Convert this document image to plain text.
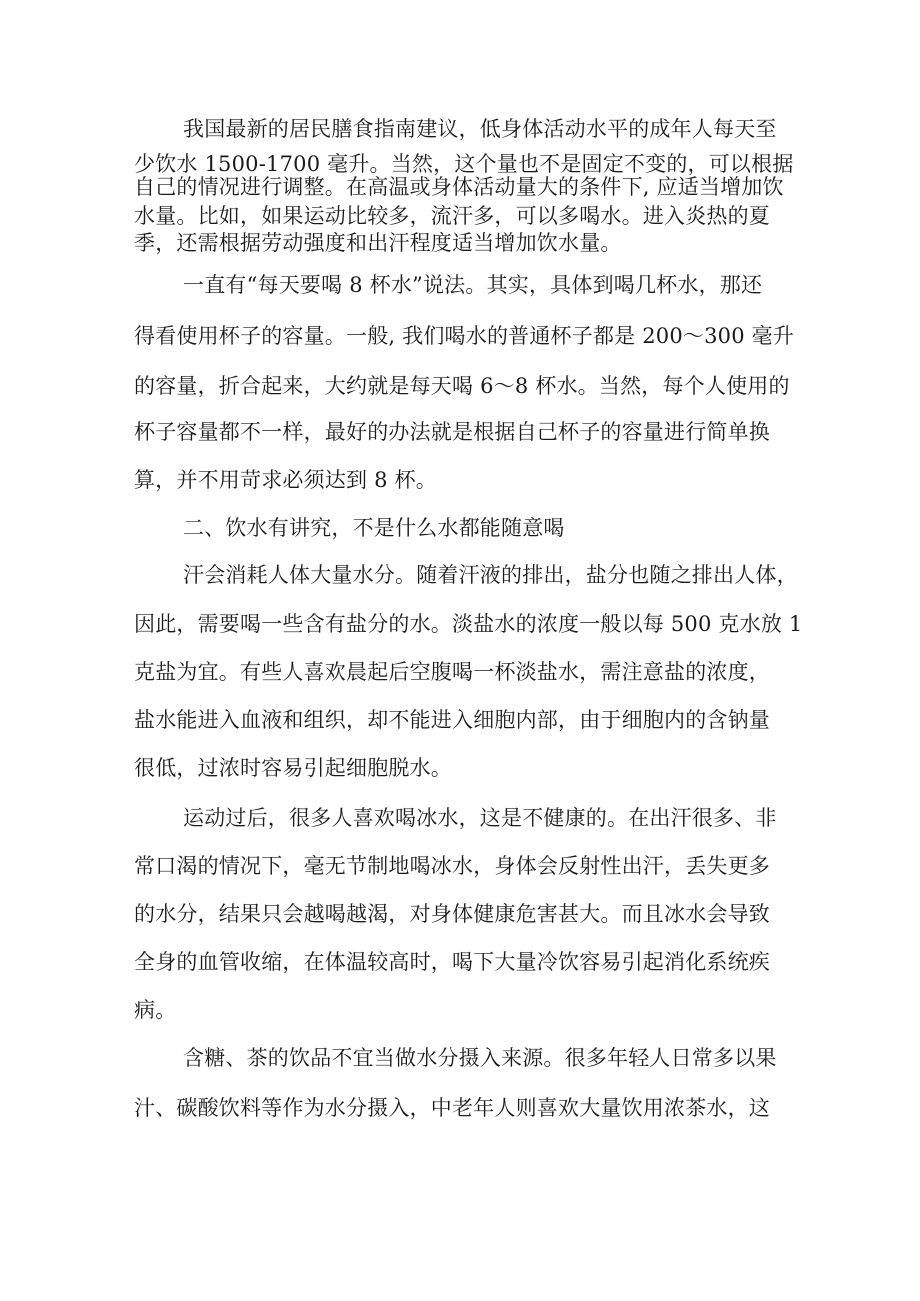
我国最新的居民膳食指南建议，低身体活动水平的成年人每天至
少饮水 1500-1700 毫升。当然，这个量也不是固定不变的，可以根据
自己的情况进行调整。在高温或身体活动量大的条件下, 应适当增加饮
水量。比如，如果运动比较多，流汗多，可以多喝水。进入炎热的夏
季，还需根据劳动强度和出汗程度适当增加饮水量。
一直有“每天要喝 8 杯水”说法。其实，具体到喝几杯水，那还
得看使用杯子的容量。一般, 我们喝水的普通杯子都是 200～300 毫升
的容量，折合起来，大约就是每天喝 6～8 杯水。当然，每个人使用的
杯子容量都不一样，最好的办法就是根据自己杯子的容量进行简单换
算，并不用苛求必须达到 8 杯。
二、饮水有讲究，不是什么水都能随意喝
汗会消耗人体大量水分。随着汗液的排出，盐分也随之排出人体，
因此，需要喝一些含有盐分的水。淡盐水的浓度一般以每 500 克水放 1
克盐为宜。有些人喜欢晨起后空腹喝一杯淡盐水，需注意盐的浓度，
盐水能进入血液和组织，却不能进入细胞内部，由于细胞内的含钠量
很低，过浓时容易引起细胞脱水。
运动过后，很多人喜欢喝冰水，这是不健康的。在出汗很多、非
常口渴的情况下，毫无节制地喝冰水，身体会反射性出汗，丢失更多
的水分，结果只会越喝越渴，对身体健康危害甚大。而且冰水会导致
全身的血管收缩，在体温较高时，喝下大量冷饮容易引起消化系统疾
病。
含糖、茶的饮品不宜当做水分摄入来源。很多年轻人日常多以果
汁、碳酸饮料等作为水分摄入，中老年人则喜欢大量饮用浓茶水，这
